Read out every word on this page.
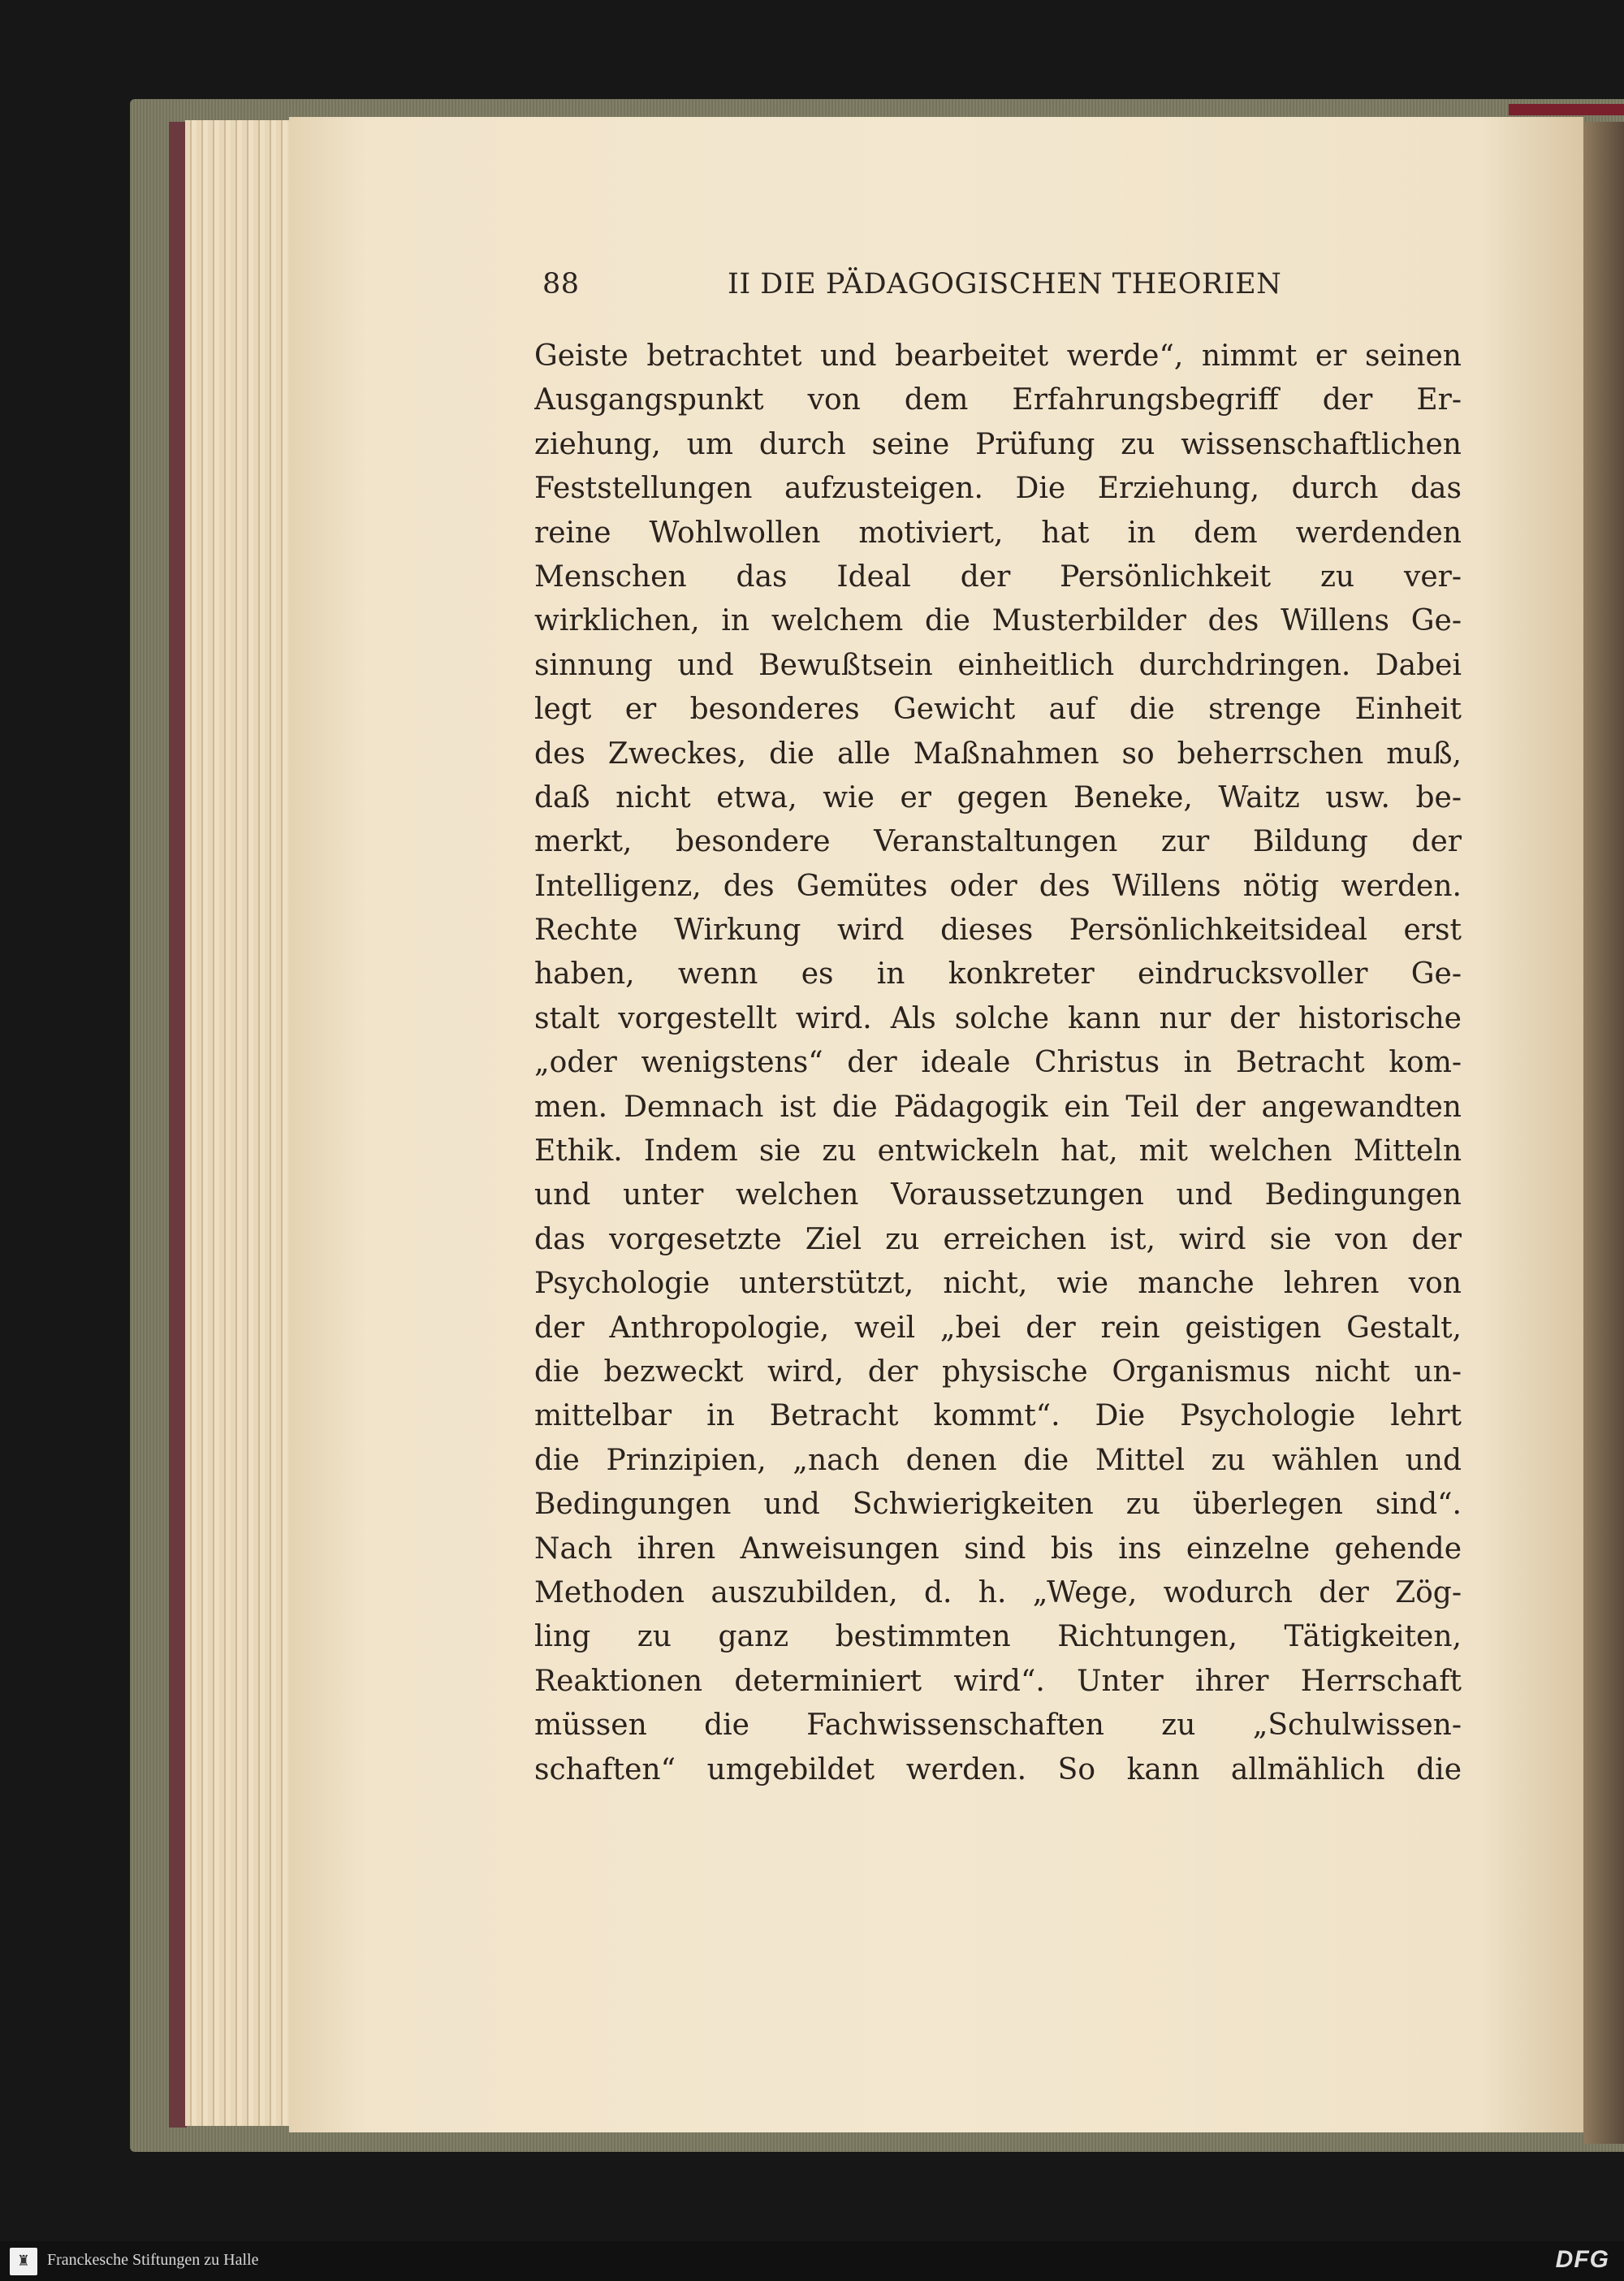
88	II DIE PÄDAGOGISCHEN THEORIEN
Geiste betrachtet und bearbeitet werde“, nimmt er seinen
Ausgangspunkt von dem Erfahrungsbegriff der Er-
ziehung, um durch seine Prüfung zu wissenschaftlichen
Feststellungen aufzusteigen. Die Erziehung, durch das
reine Wohlwollen motiviert, hat in dem werdenden
Menschen das Ideal der Persönlichkeit zu ver-
wirklichen, in welchem die Musterbilder des Willens Ge-
sinnung und Bewußtsein einheitlich durchdringen. Dabei
legt er besonderes Gewicht auf die strenge Einheit
des Zweckes, die alle Maßnahmen so beherrschen muß,
daß nicht etwa, wie er gegen Beneke, Waitz usw. be-
merkt, besondere Veranstaltungen zur Bildung der
Intelligenz, des Gemütes oder des Willens nötig werden.
Rechte Wirkung wird dieses Persönlichkeitsideal erst
haben, wenn es in konkreter eindrucksvoller Ge-
stalt vorgestellt wird. Als solche kann nur der historische
„oder wenigstens“ der ideale Christus in Betracht kom-
men. Demnach ist die Pädagogik ein Teil der angewandten
Ethik. Indem sie zu entwickeln hat, mit welchen Mitteln
und unter welchen Voraussetzungen und Bedingungen
das vorgesetzte Ziel zu erreichen ist, wird sie von der
Psychologie unterstützt, nicht, wie manche lehren von
der Anthropologie, weil „bei der rein geistigen Gestalt,
die bezweckt wird, der physische Organismus nicht un-
mittelbar in Betracht kommt“. Die Psychologie lehrt
die Prinzipien, „nach denen die Mittel zu wählen und
Bedingungen und Schwierigkeiten zu überlegen sind“.
Nach ihren Anweisungen sind bis ins einzelne gehende
Methoden auszubilden, d. h. „Wege, wodurch der Zög-
ling zu ganz bestimmten Richtungen, Tätigkeiten,
Reaktionen determiniert wird“. Unter ihrer Herrschaft
müssen die Fachwissenschaften zu „Schulwissen-
schaften“ umgebildet werden. So kann allmählich die
♜	Franckesche Stiftungen zu Halle	DFG
